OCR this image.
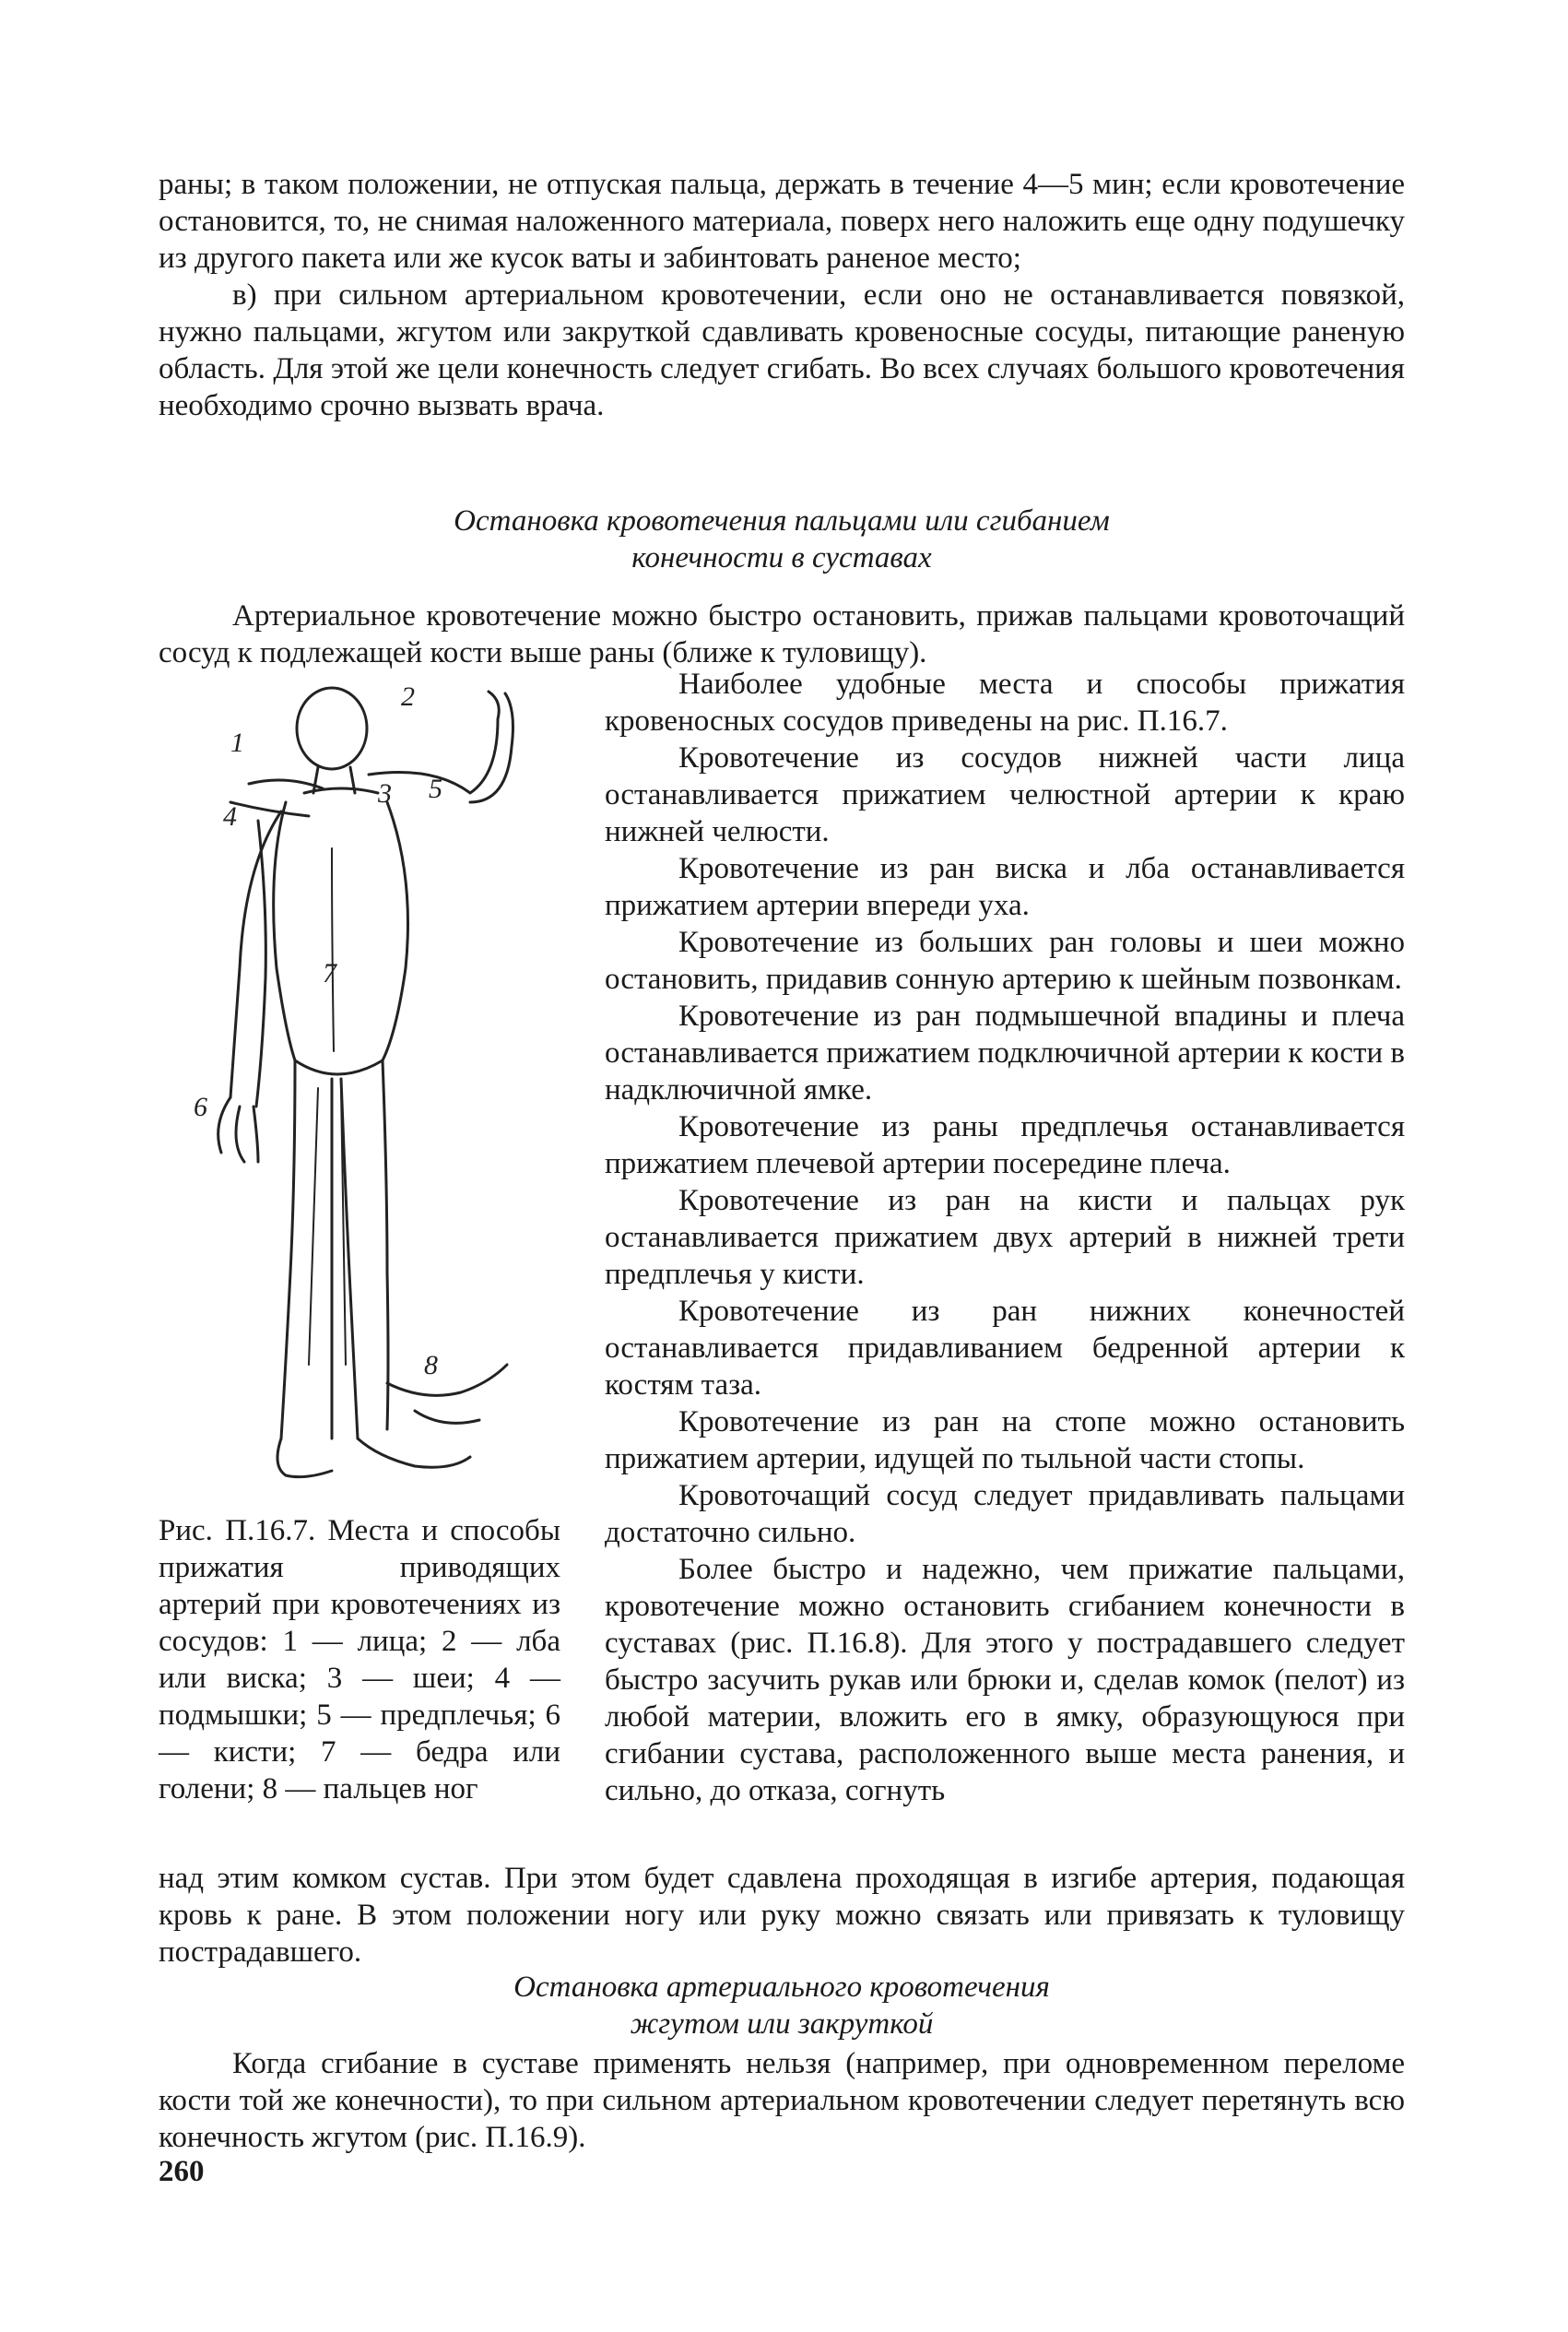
раны; в таком положении, не отпуская пальца, держать в течение 4—5 мин; если кровотечение остановится, то, не снимая наложенного материала, поверх него наложить еще одну подушечку из другого пакета или же кусок ваты и забинтовать раненое место;

в) при сильном артериальном кровотечении, если оно не останавливается повязкой, нужно пальцами, жгутом или закруткой сдавливать кровеносные сосуды, питающие раненую область. Для этой же цели конечность следует сгибать. Во всех случаях большого кровотечения необходимо срочно вызвать врача.

Остановка кровотечения пальцами или сгибанием

конечности в суставах

Артериальное кровотечение можно быстро остановить, прижав пальцами кровоточащий сосуд к подлежащей кости выше раны (ближе к туловищу).

1
2
3
4
5
6
7
8

Наиболее удобные места и способы прижатия кровеносных сосудов приведены на рис. П.16.7.

Кровотечение из сосудов нижней части лица останавливается прижатием челюстной артерии к краю нижней челюсти.

Кровотечение из ран виска и лба останавливается прижатием артерии впереди уха.

Кровотечение из больших ран головы и шеи можно остановить, придавив сонную артерию к шейным позвонкам.

Кровотечение из ран подмышечной впадины и плеча останавливается прижатием подключичной артерии к кости в надключичной ямке.

Кровотечение из раны предплечья останавливается прижатием плечевой артерии посередине плеча.

Кровотечение из ран на кисти и пальцах рук останавливается прижатием двух артерий в нижней трети предплечья у кисти.

Кровотечение из ран нижних конечностей останавливается придавливанием бедренной артерии к костям таза.

Кровотечение из ран на стопе можно остановить прижатием артерии, идущей по тыльной части стопы.

Кровоточащий сосуд следует придавливать пальцами достаточно сильно.

Более быстро и надежно, чем прижатие пальцами, кровотечение можно остановить сгибанием конечности в суставах (рис. П.16.8). Для этого у пострадавшего следует быстро засучить рукав или брюки и, сделав комок (пелот) из любой материи, вложить его в ямку, образующуюся при сгибании сустава, расположенного выше места ранения, и сильно, до отказа, согнуть

Рис. П.16.7. Места и способы прижатия приводящих артерий при кровотечениях из сосудов: 1 — лица; 2 — лба или виска; 3 — шеи; 4 — подмышки; 5 — предплечья; 6 — кисти; 7 — бедра или голени; 8 — пальцев ног

над этим комком сустав. При этом будет сдавлена проходящая в изгибе артерия, подающая кровь к ране. В этом положении ногу или руку можно связать или привязать к туловищу пострадавшего.

Остановка артериального кровотечения

жгутом или закруткой

Когда сгибание в суставе применять нельзя (например, при одновременном переломе кости той же конечности), то при сильном артериальном кровотечении следует перетянуть всю конечность жгутом (рис. П.16.9).

260
